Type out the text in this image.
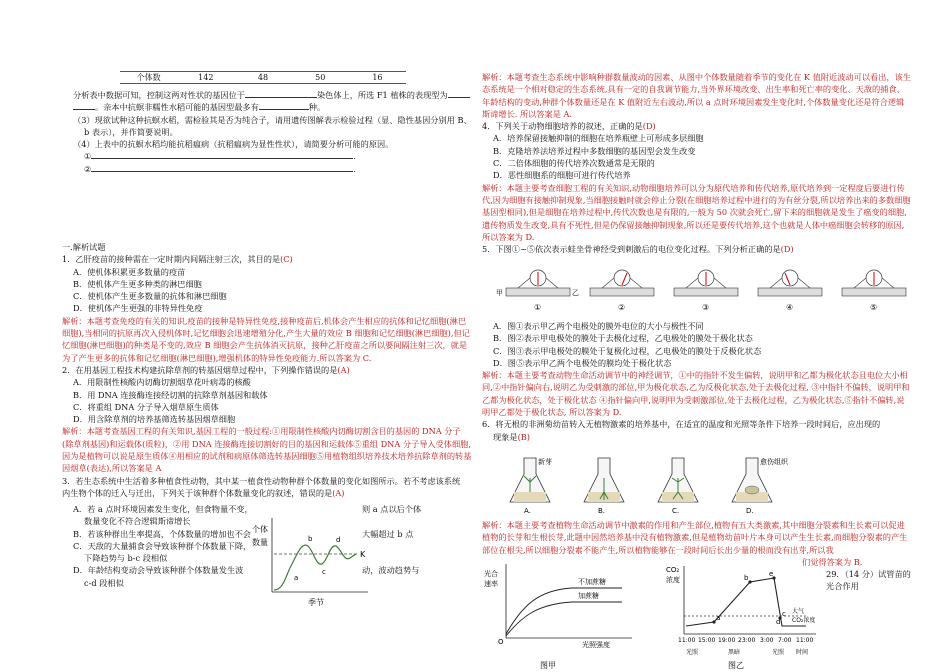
个体数	142	48	50	16

分析表中数据可知，控制这两对性状的基因位于	染色体上，所选 F1 植株的表现型为

。亲本中抗螟非糯性水稻可能的基因型最多有	种。

（3）现欲试种这种抗螟水稻，需检验其是否为纯合子，请用遗传图解表示检验过程（显、隐性基因分别用 B、

b 表示），并作简要说明。

（4）上表中的抗螟水稻均能抗稻瘟病（抗稻瘟病为显性性状），请简要分析可能的原因。

①	.

②	.

一.解析试题

1．乙肝疫苗的接种需在一定时期内间隔注射三次，其目的是(C)

A．使机体积累更多数量的疫苗

B．使机体产生更多种类的淋巴细胞

C．使机体产生更多数量的抗体和淋巴细胞

D．使机体产生更强的非特异性免疫

解析：本题考查免疫的有关的知识,疫苗的接种是特异性免疫,接种疫苗后,机体会产生相应的抗体和记忆细胞(淋巴细胞),当相同的抗原再次入侵机体时,记忆细胞会迅速增殖分化,产生大量的效应 B 细胞和记忆细胞(淋巴细胞),但记忆细胞(淋巴细胞)的种类是不变的,效应 B 细胞会产生抗体消灭抗原，接种乙肝疫苗之所以要间隔注射三次，就是为了产生更多的抗体和记忆细胞(淋巴细胞),增强机体的特异性免疫能力.所以答案为 C.

2．在用基因工程技术构建抗除草剂的转基因烟草过程中，下列操作错误的是(A)

A．用限制性核酸内切酶切割烟草花叶病毒的核酸

B．用 DNA 连接酶连接经切割的抗除草剂基因和载体

C．将重组 DNA 分子导入烟草原生质体

D．用含除草剂的培养基筛选转基因烟草细胞

解析：本题考查基因工程的有关知识,基因工程的一般过程:①用限制性核酸内切酶切割含目的基因的 DNA 分子(除草剂基因)和运载体(质粒)，②用 DNA 连接酶连接切割好的目的基因和运载体⑤重组 DNA 分子导入受体细胞,因为是植物可以说是原生质体④用相应的试剂和病原体筛选转基因细胞⑤用植物组织培养技术培养抗除草剂的转基因烟草(表达),所以答案是 A

3．若生态系统中生活着多种植食性动物，其中某一植食性动物种群个体数量的变化如图所示。若不考虑该系统

内生物个体的迁入与迁出，下列关于该种群个体数量变化的叙述，错误的是(A)

A．若 a 点时环境因素发生变化，但食物量不变，	则 a 点以后个体

数量变化不符合逻辑斯谛增长

B．若该种群出生率提高，个体数量的增加也不会	大幅超过 b 点

C．天敌的大量捕食会导致该种群个体数量下降，

下降趋势与 b-c 段相似

D．年龄结构变动会导致该种群个体数量发生波	动，波动趋势与

c-d 段相似

个体
数量
K
a
b
c
d
季节

解析：本题考查生态系统中影响种群数量波动的因素、从图中个体数量随着季节的变化在 K 值附近波动可以看出，该生态系统是一个相对稳定的生态系统,具有一定的自我调节能力,当外界环境改变、出生率和死亡率的变化、天敌的捕食、年龄结构的变动,种群个体数量还是在 K 值附近左右波动,所以 a 点时环境因素发生变化时,个体数量变化还是符合逻辑斯谛增长. 所以答案是 A.

4．下列关于动物细胞培养的叙述，正确的是(D)

A．培养保留接触抑制的细胞在培养瓶壁上可形成多层细胞

B．克隆培养法培养过程中多数细胞的基因型会发生改变

C．二倍体细胞的传代培养次数通常是无限的

D．恶性细胞系的细胞可进行传代培养

解析：本题主要考查细胞工程的有关知识,动物细胞培养可以分为原代培养和传代培养,原代培养到一定程度后要进行传代,因为细胞有接触抑制现象,当细胞接触时就会停止分裂(在细胞培养过程中进行的为有丝分裂,所以培养出来的多数细胞基因型相同),但是细胞在培养过程中,传代次数也是有限的,一般为 50 次就会死亡,留下来的细胞就是发生了癌变的细胞,遗传物质发生改变,具有不死性,但是仍保留接触抑制现象,所以还是要传代培养,这个也就是人体中癌细胞会转移的原因,所以答案为 D.

5．下图①~⑤依次表示蛙坐骨神经受到刺激后的电位变化过程。下列分析正确的是(D)

甲	乙
①	②	③	④	⑤

A．图①表示甲乙两个电极处的膜外电位的大小与极性不同

B．图②表示甲电极处的膜处于去极化过程，乙电极处的膜处于极化状态

C．图③表示甲电极处的膜处于复极化过程，乙电极处的膜处于反极化状态

D．图⑤表示甲乙两个电极处的膜均处于极化状态

解析：本题主要考查动物生命活动调节中的神经调节，①中的指针不发生偏转，说明甲和乙都为极化状态且电位大小相同,②中指针偏向右,说明乙为受刺激的部位,甲为极化状态,乙为反极化状态,处于去极化过程, ③中指针不偏转，说明甲和乙都为极化状态，处于极化状态 ④指针偏向甲,说明甲为受刺激部位,处于去极化过程，乙为极化状态,⑤指针不偏转,说明甲乙都处于极化状态, 所以答案为 D.

6．将无根的非洲菊幼苗转入无植物激素的培养基中，在适宜的温度和光照等条件下培养一段时间后，应出现的

现象是(B)

新芽
A.	B.	C.
愈伤组织
D.

解析：本题主要考查植物生命活动调节中激素的作用和产生部位,植物有五大类激素,其中细胞分裂素和生长素可以促进植物的长芽和生根长芽,此题中因然培养基中没有植物激素,但是植物幼苗叶片本身可以产生生长素,而细胞分裂素的产生部位在根尖,所以细胞分裂素不能产生,所以植物能够在一段时间后长出少量的根而没有出芽,所以我

们觉得答案为 B.

29．（14 分）试管苗的光合作用

光合
速率
O
不加蔗糖
加蔗糖
光照强度
图甲
CO₂
浓度
a
b
c
d
e
大气
CO₂浓度
11:00 15:00 19:00 23:00 3:00 7:00 11:00
时间
光照	黑暗	光照
图乙
